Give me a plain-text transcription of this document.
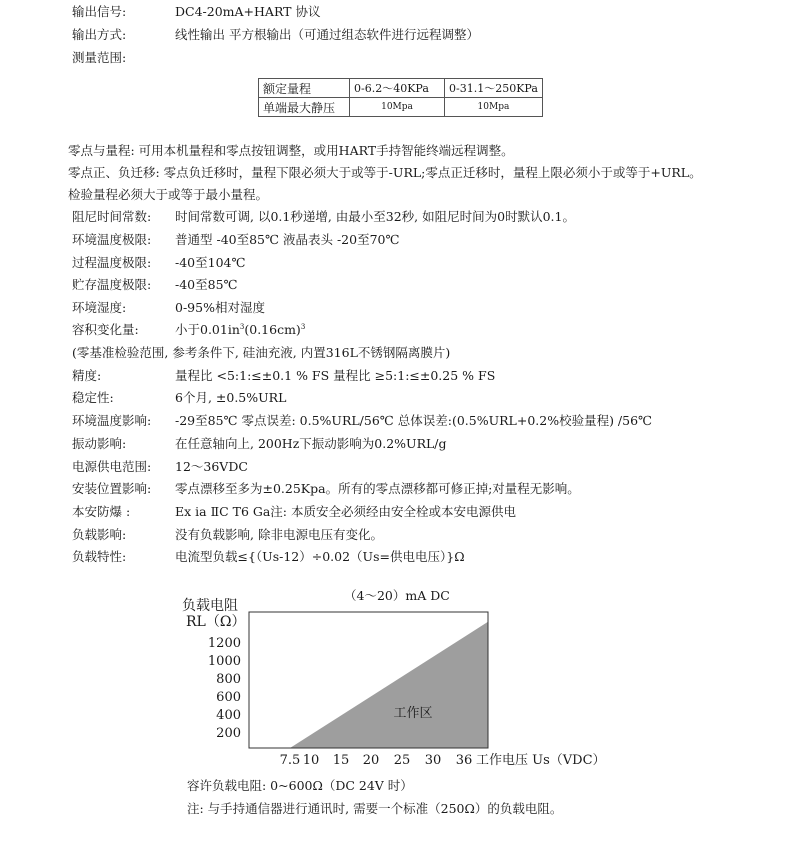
输出信号:	DC4-20mA+HART 协议
输出方式:	线性输出 平方根输出（可通过组态软件进行远程调整）
测量范围:
额定量程	0-6.2～40KPa	0-31.1～250KPa
单端最大静压	10Mpa	10Mpa
零点与量程: 可用本机量程和零点按钮调整，或用HART手持智能终端远程调整。
零点正、负迁移: 零点负迁移时，量程下限必须大于或等于-URL;零点正迁移时，量程上限必须小于或等于+URL。
检验量程必须大于或等于最小量程。
阻尼时间常数: 时间常数可调, 以0.1秒递增, 由最小至32秒, 如阻尼时间为0时默认0.1。
环境温度极限: 普通型 -40至85℃ 液晶表头 -20至70℃
过程温度极限: -40至104℃
贮存温度极限: -40至85℃
环境湿度:	0-95%相对湿度
容积变化量:	小于$0.01in^3(0.16cm)^3$
(零基准检验范围, 参考条件下, 硅油充液, 内置316L不锈钢隔离膜片)
精度:	量程比 <5:1:≤±0.1 % FS 量程比 ≥5:1:≤±0.25 % FS
稳定性:	6个月, ±0.5%URL
环境温度影响: -29至85℃ 零点误差: 0.5%URL/56℃ 总体误差:(0.5%URL+0.2%校验量程) /56℃
振动影响:	在任意轴向上, 200Hz下振动影响为0.2%URL/g
电源供电范围: 12～36VDC
安装位置影响: 零点漂移至多为±0.25Kpa。所有的零点漂移都可修正掉;对量程无影响。
本安防爆 :	Ex ia ⅡC T6 Ga注: 本质安全必须经由安全栓或本安电源供电
负载影响:	没有负载影响, 除非电源电压有变化。
负载特性:	电流型负载≤{（Us-12）÷0.02（Us=供电电压）}Ω
（4～20）mA DC
负载电阻
RL（Ω）
工作区
1200
1000
800
600
400
200
7.5 10 15 20 25 30 36 工作电压 Us（VDC）
容许负载电阻: 0~600Ω（DC 24V 时）
注: 与手持通信器进行通讯时, 需要一个标准（250Ω）的负载电阻。
